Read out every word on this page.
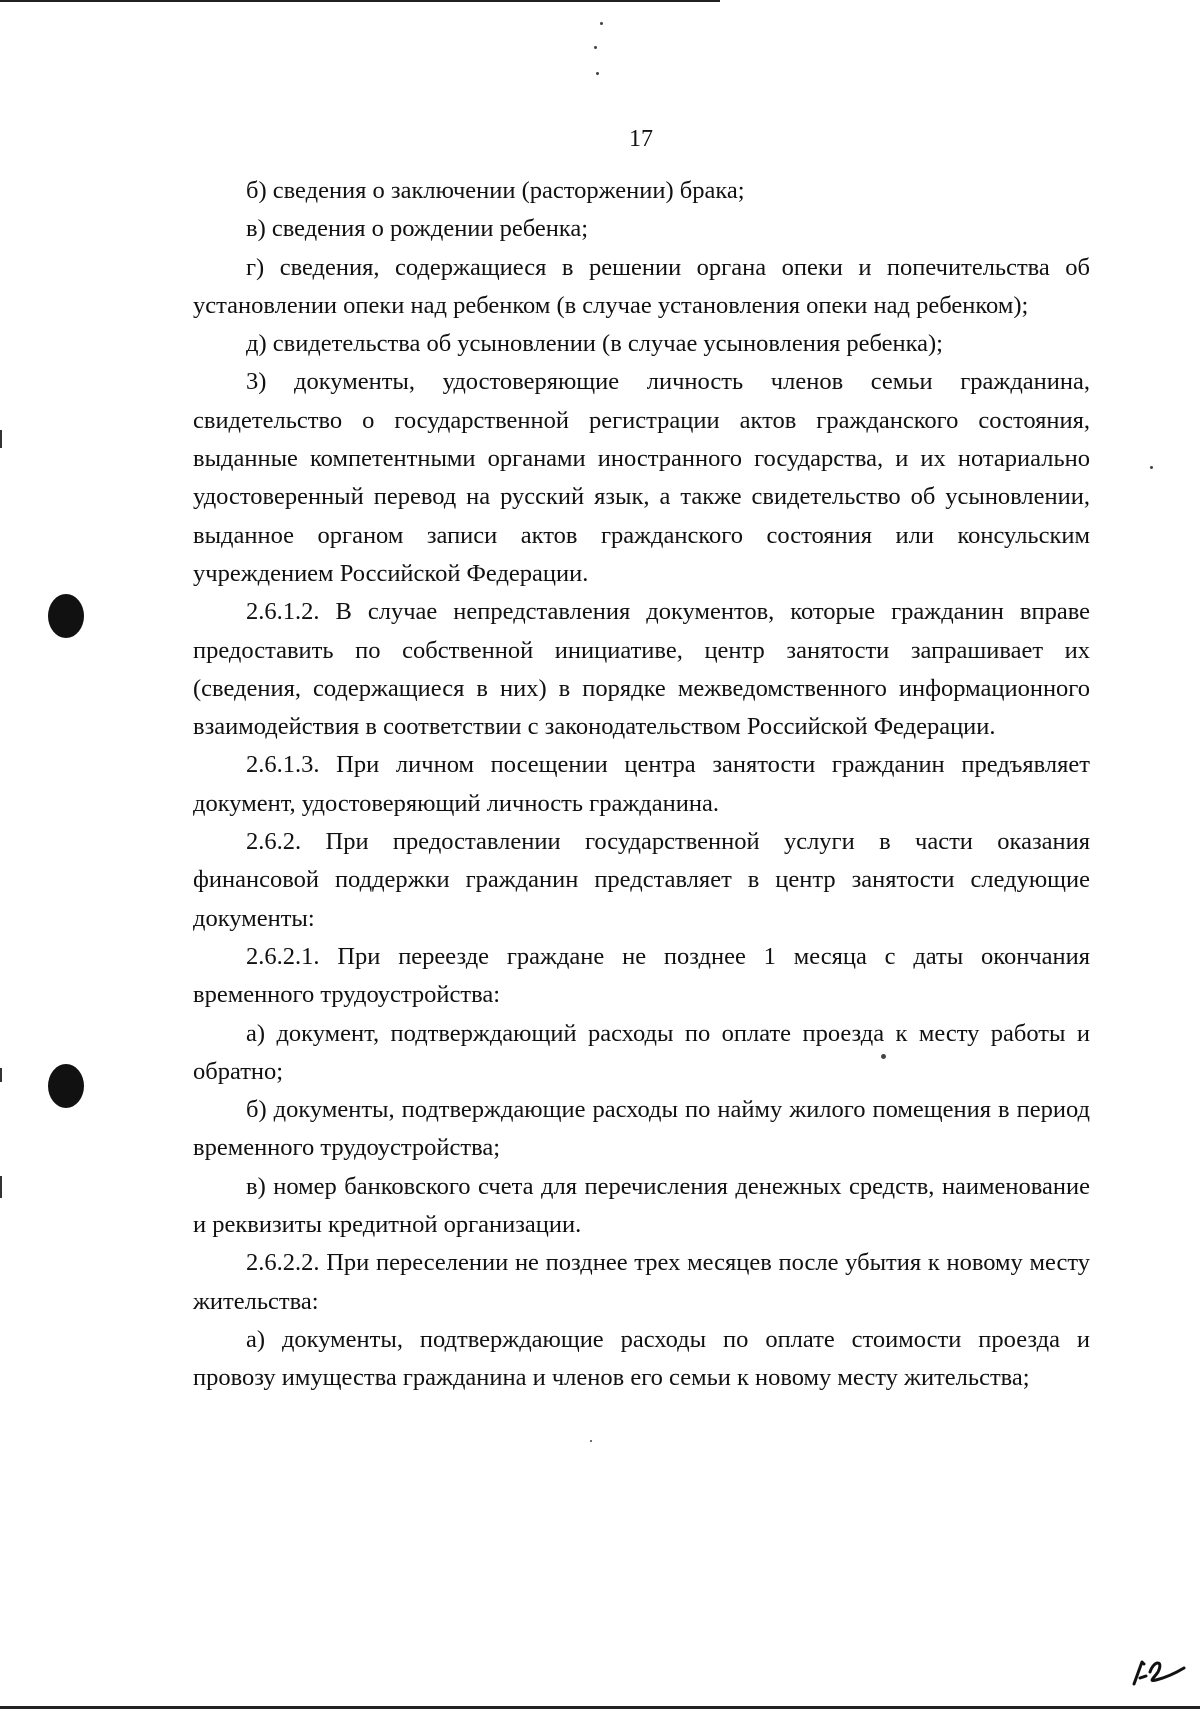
17

б) сведения о заключении (расторжении) брака;

в) сведения о рождении ребенка;

г) сведения, содержащиеся в решении органа опеки и попечительства об установлении опеки над ребенком (в случае установления опеки над ребенком);

д) свидетельства об усыновлении (в случае усыновления ребенка);

3) документы, удостоверяющие личность членов семьи гражданина, свидетельство о государственной регистрации актов гражданского состояния, выданные компетентными органами иностранного государства, и их нотариально удостоверенный перевод на русский язык, а также свидетельство об усыновлении, выданное органом записи актов гражданского состояния или консульским учреждением Российской Федерации.

2.6.1.2. В случае непредставления документов, которые гражданин вправе предоставить по собственной инициативе, центр занятости запрашивает их (сведения, содержащиеся в них) в порядке межведомственного информационного взаимодействия в соответствии с законодательством Российской Федерации.

2.6.1.3. При личном посещении центра занятости гражданин предъявляет документ, удостоверяющий личность гражданина.

2.6.2. При предоставлении государственной услуги в части оказания финансовой поддержки гражданин представляет в центр занятости следующие документы:

2.6.2.1. При переезде граждане не позднее 1 месяца с даты окончания временного трудоустройства:

а) документ, подтверждающий расходы по оплате проезда к месту работы и обратно;

б) документы, подтверждающие расходы по найму жилого помещения в период временного трудоустройства;

в) номер банковского счета для перечисления денежных средств, наименование и реквизиты кредитной организации.

2.6.2.2. При переселении не позднее трех месяцев после убытия к новому месту жительства:

а) документы, подтверждающие расходы по оплате стоимости проезда и провозу имущества гражданина и членов его семьи к новому месту жительства;
